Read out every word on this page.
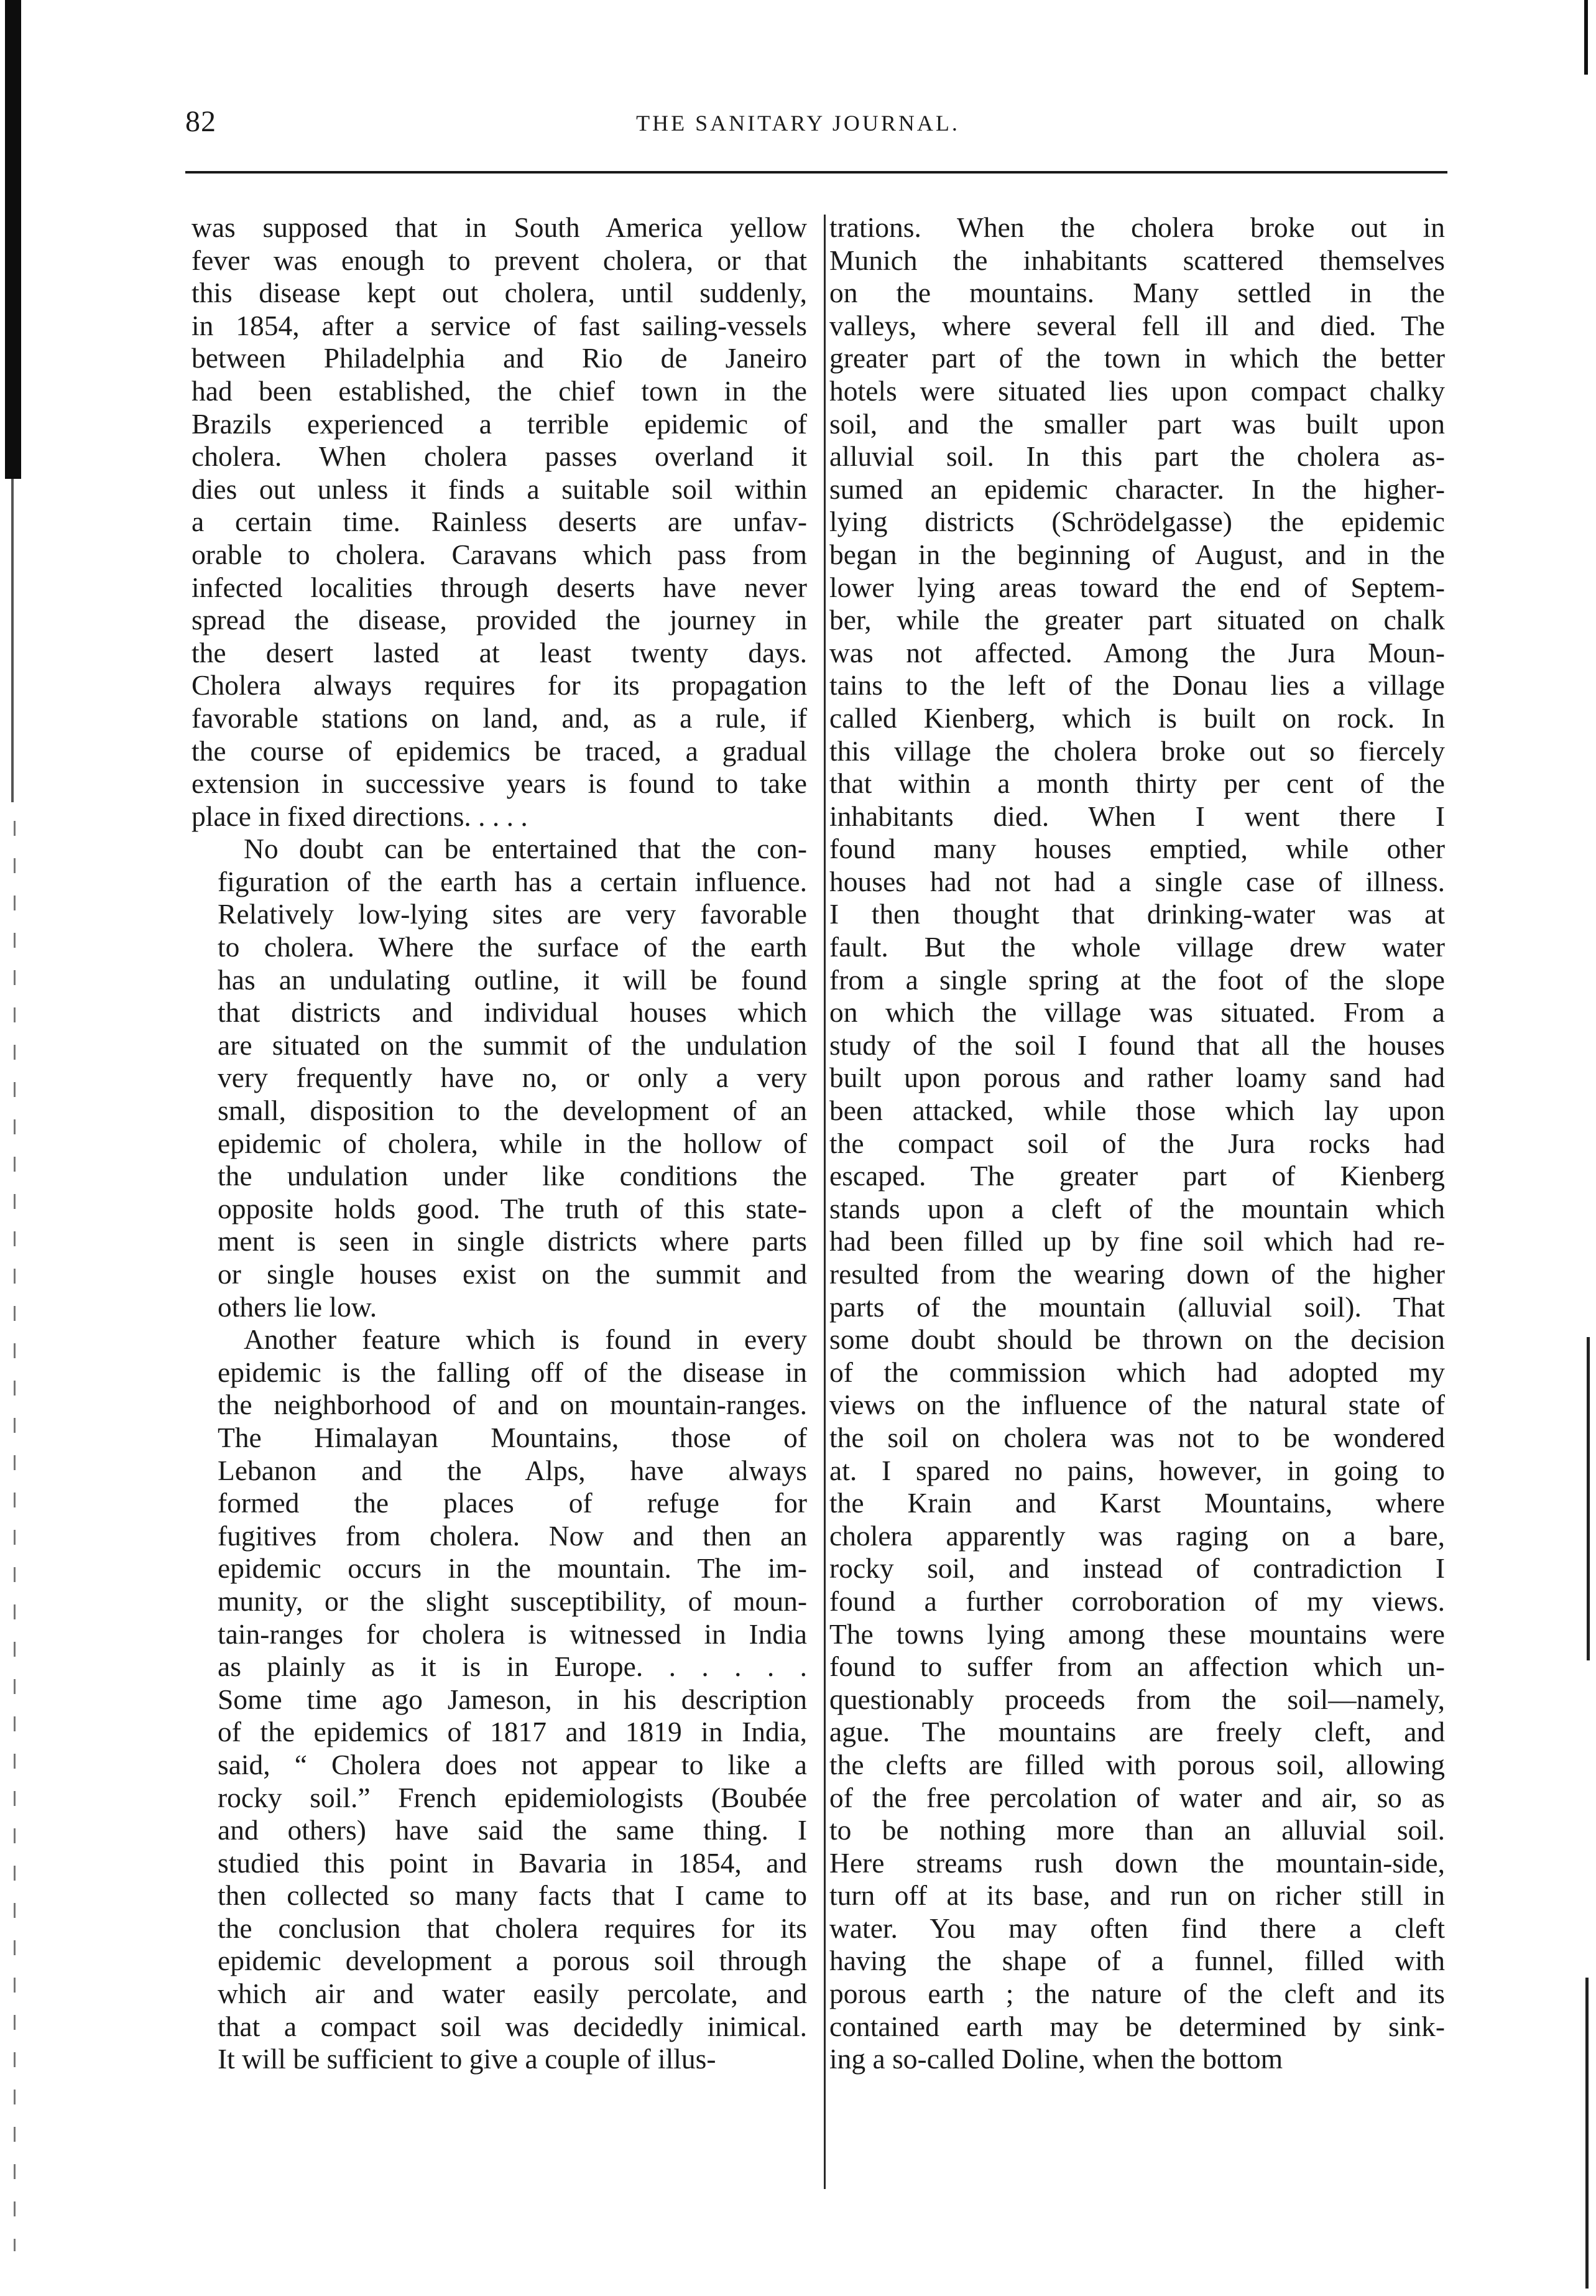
82	THE SANITARY JOURNAL.
was supposed that in South America yellow
fever was enough to prevent cholera, or that
this disease kept out cholera, until suddenly,
in 1854, after a service of fast sailing-vessels
between Philadelphia and Rio de Janeiro
had been established, the chief town in the
Brazils experienced a terrible epidemic of
cholera. When cholera passes overland it
dies out unless it finds a suitable soil within
a certain time. Rainless deserts are unfav-
orable to cholera. Caravans which pass from
infected localities through deserts have never
spread the disease, provided the journey in
the desert lasted at least twenty days.
Cholera always requires for its propagation
favorable stations on land, and, as a rule, if
the course of epidemics be traced, a gradual
extension in successive years is found to take
place in fixed directions. . . . .
No doubt can be entertained that the con-
figuration of the earth has a certain influence.
Relatively low-lying sites are very favorable
to cholera. Where the surface of the earth
has an undulating outline, it will be found
that districts and individual houses which
are situated on the summit of the undulation
very frequently have no, or only a very
small, disposition to the development of an
epidemic of cholera, while in the hollow of
the undulation under like conditions the
opposite holds good. The truth of this state-
ment is seen in single districts where parts
or single houses exist on the summit and
others lie low.
Another feature which is found in every
epidemic is the falling off of the disease in
the neighborhood of and on mountain-ranges.
The Himalayan Mountains, those of
Lebanon and the Alps, have always
formed the places of refuge for
fugitives from cholera. Now and then an
epidemic occurs in the mountain. The im-
munity, or the slight susceptibility, of moun-
tain-ranges for cholera is witnessed in India
as plainly as it is in Europe. . . . . .
Some time ago Jameson, in his description
of the epidemics of 1817 and 1819 in India,
said, “ Cholera does not appear to like a
rocky soil.” French epidemiologists (Boubée
and others) have said the same thing. I
studied this point in Bavaria in 1854, and
then collected so many facts that I came to
the conclusion that cholera requires for its
epidemic development a porous soil through
which air and water easily percolate, and
that a compact soil was decidedly inimical.
It will be sufficient to give a couple of illus-
trations. When the cholera broke out in
Munich the inhabitants scattered themselves
on the mountains. Many settled in the
valleys, where several fell ill and died. The
greater part of the town in which the better
hotels were situated lies upon compact chalky
soil, and the smaller part was built upon
alluvial soil. In this part the cholera as-
sumed an epidemic character. In the higher-
lying districts (Schrödelgasse) the epidemic
began in the beginning of August, and in the
lower lying areas toward the end of Septem-
ber, while the greater part situated on chalk
was not affected. Among the Jura Moun-
tains to the left of the Donau lies a village
called Kienberg, which is built on rock. In
this village the cholera broke out so fiercely
that within a month thirty per cent of the
inhabitants died. When I went there I
found many houses emptied, while other
houses had not had a single case of illness.
I then thought that drinking-water was at
fault. But the whole village drew water
from a single spring at the foot of the slope
on which the village was situated. From a
study of the soil I found that all the houses
built upon porous and rather loamy sand had
been attacked, while those which lay upon
the compact soil of the Jura rocks had
escaped. The greater part of Kienberg
stands upon a cleft of the mountain which
had been filled up by fine soil which had re-
resulted from the wearing down of the higher
parts of the mountain (alluvial soil). That
some doubt should be thrown on the decision
of the commission which had adopted my
views on the influence of the natural state of
the soil on cholera was not to be wondered
at. I spared no pains, however, in going to
the Krain and Karst Mountains, where
cholera apparently was raging on a bare,
rocky soil, and instead of contradiction I
found a further corroboration of my views.
The towns lying among these mountains were
found to suffer from an affection which un-
questionably proceeds from the soil—namely,
ague. The mountains are freely cleft, and
the clefts are filled with porous soil, allowing
of the free percolation of water and air, so as
to be nothing more than an alluvial soil.
Here streams rush down the mountain-side,
turn off at its base, and run on richer still in
water. You may often find there a cleft
having the shape of a funnel, filled with
porous earth ; the nature of the cleft and its
contained earth may be determined by sink-
ing a so-called Doline, when the bottom
